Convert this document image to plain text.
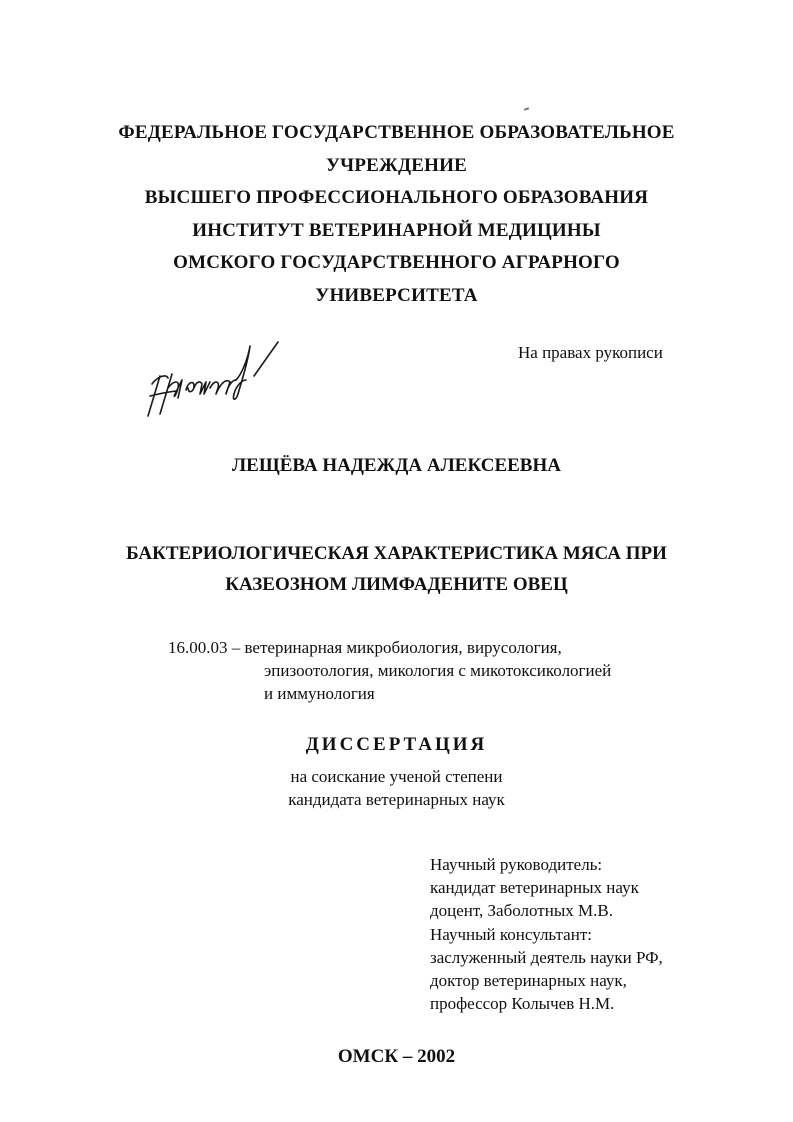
ФЕДЕРАЛЬНОЕ ГОСУДАРСТВЕННОЕ ОБРАЗОВАТЕЛЬНОЕ
УЧРЕЖДЕНИЕ
ВЫСШЕГО ПРОФЕССИОНАЛЬНОГО ОБРАЗОВАНИЯ
ИНСТИТУТ ВЕТЕРИНАРНОЙ МЕДИЦИНЫ
ОМСКОГО ГОСУДАРСТВЕННОГО АГРАРНОГО
УНИВЕРСИТЕТА
На правах рукописи
ЛЕЩЁВА НАДЕЖДА АЛЕКСЕЕВНА
БАКТЕРИОЛОГИЧЕСКАЯ ХАРАКТЕРИСТИКА МЯСА ПРИ
КАЗЕОЗНОМ ЛИМФАДЕНИТЕ ОВЕЦ
16.00.03 – ветеринарная микробиология, вирусология,
эпизоотология, микология с микотоксикологией
и иммунология
ДИССЕРТАЦИЯ
на соискание ученой степени
кандидата ветеринарных наук
Научный руководитель:
кандидат ветеринарных наук
доцент, Заболотных М.В.
Научный консультант:
заслуженный деятель науки РФ,
доктор ветеринарных наук,
профессор Колычев Н.М.
ОМСК – 2002
